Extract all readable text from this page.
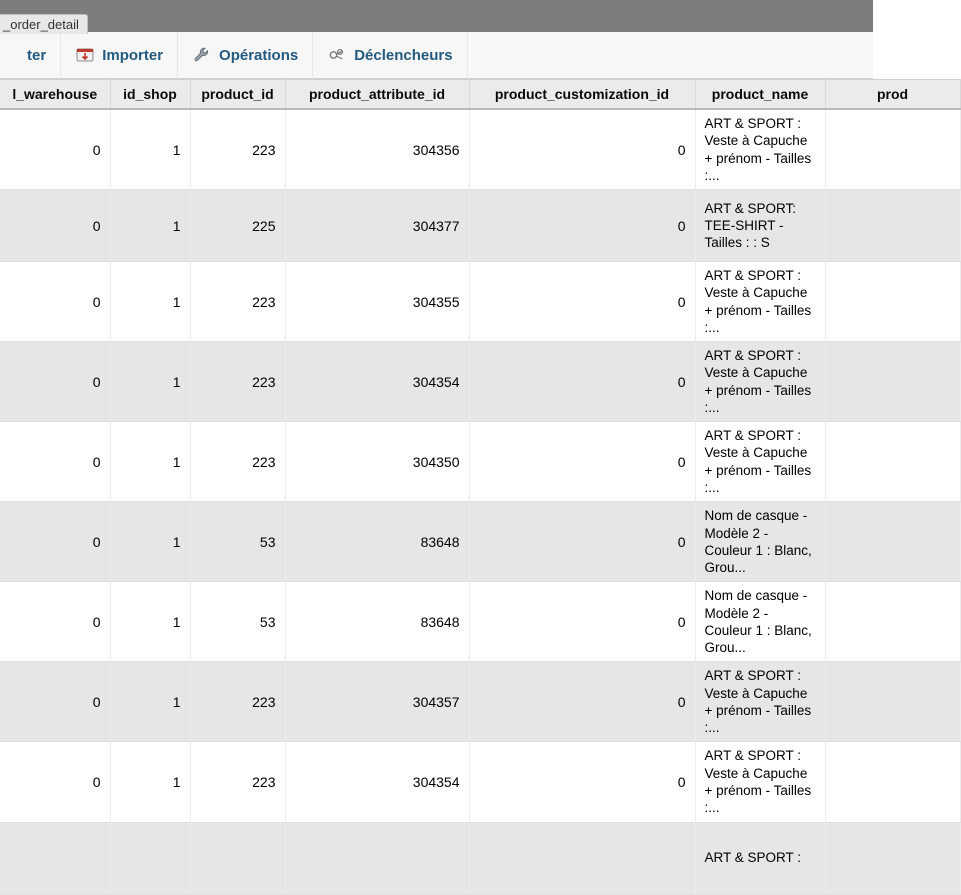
_order_detail
ter	Importer	Opérations	Déclencheurs
l_warehouse	id_shop	product_id	product_attribute_id	product_customization_id	product_name	prod
0	1	223	304356	0	ART & SPORT : Veste à Capuche + prénom - Tailles :...	
0	1	225	304377	0	ART & SPORT: TEE-SHIRT - Tailles : : S	
0	1	223	304355	0	ART & SPORT : Veste à Capuche + prénom - Tailles :...	
0	1	223	304354	0	ART & SPORT : Veste à Capuche + prénom - Tailles :...	
0	1	223	304350	0	ART & SPORT : Veste à Capuche + prénom - Tailles :...	
0	1	53	83648	0	Nom de casque - Modèle 2 - Couleur 1 : Blanc, Grou...	
0	1	53	83648	0	Nom de casque - Modèle 2 - Couleur 1 : Blanc, Grou...	
0	1	223	304357	0	ART & SPORT : Veste à Capuche + prénom - Tailles :...	
0	1	223	304354	0	ART & SPORT : Veste à Capuche + prénom - Tailles :...	
					ART & SPORT :	
